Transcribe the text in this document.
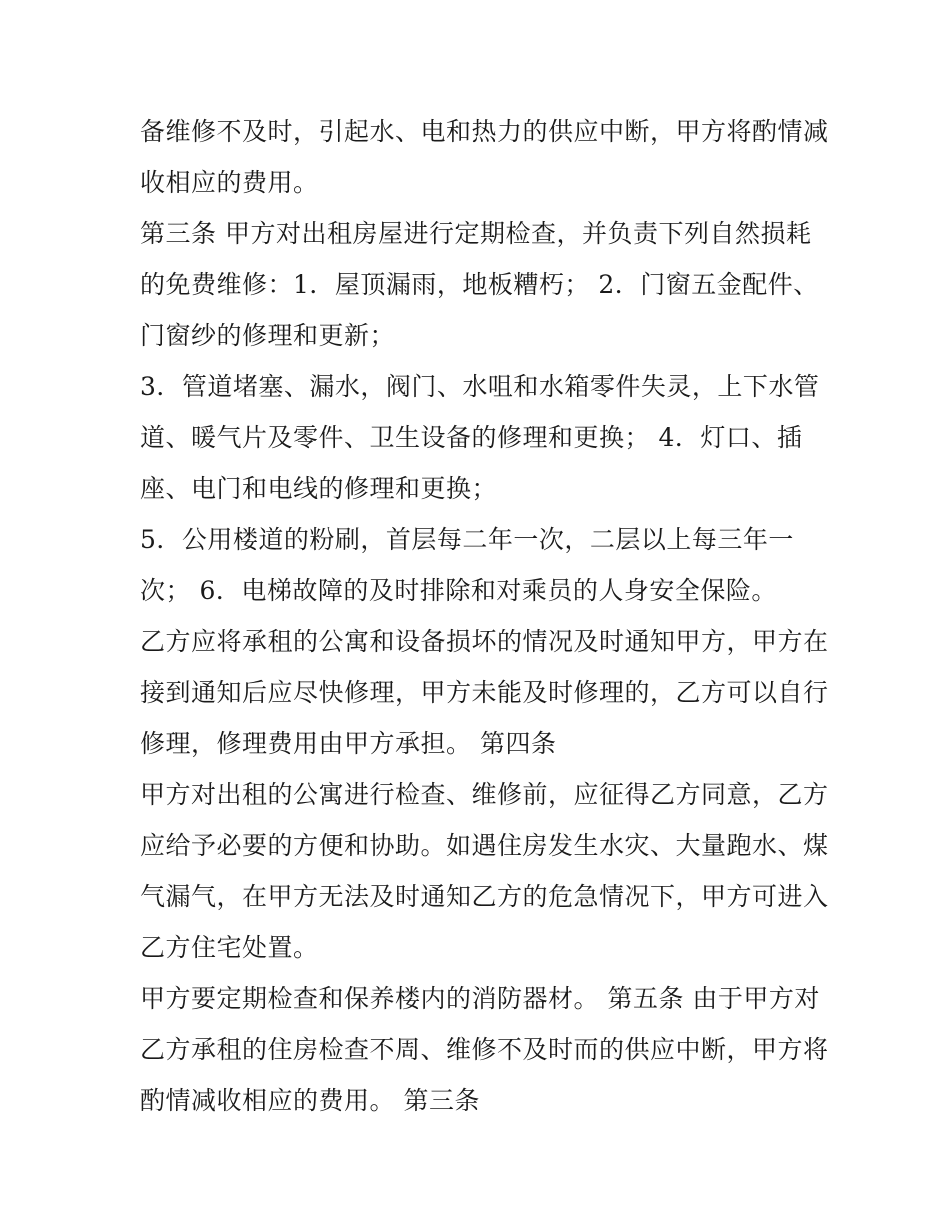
备维修不及时，引起水、电和热力的供应中断，甲方将酌情减
收相应的费用。
第三条 甲方对出租房屋进行定期检查，并负责下列自然损耗
的免费维修：1．屋顶漏雨，地板糟朽； 2．门窗五金配件、
门窗纱的修理和更新；
3．管道堵塞、漏水，阀门、水咀和水箱零件失灵，上下水管
道、暖气片及零件、卫生设备的修理和更换； 4．灯口、插
座、电门和电线的修理和更换；
5．公用楼道的粉刷，首层每二年一次，二层以上每三年一
次； 6．电梯故障的及时排除和对乘员的人身安全保险。
乙方应将承租的公寓和设备损坏的情况及时通知甲方，甲方在
接到通知后应尽快修理，甲方未能及时修理的，乙方可以自行
修理，修理费用由甲方承担。 第四条
甲方对出租的公寓进行检查、维修前，应征得乙方同意，乙方
应给予必要的方便和协助。如遇住房发生水灾、大量跑水、煤
气漏气，在甲方无法及时通知乙方的危急情况下，甲方可进入
乙方住宅处置。
甲方要定期检查和保养楼内的消防器材。 第五条 由于甲方对
乙方承租的住房检查不周、维修不及时而的供应中断，甲方将
酌情减收相应的费用。 第三条
